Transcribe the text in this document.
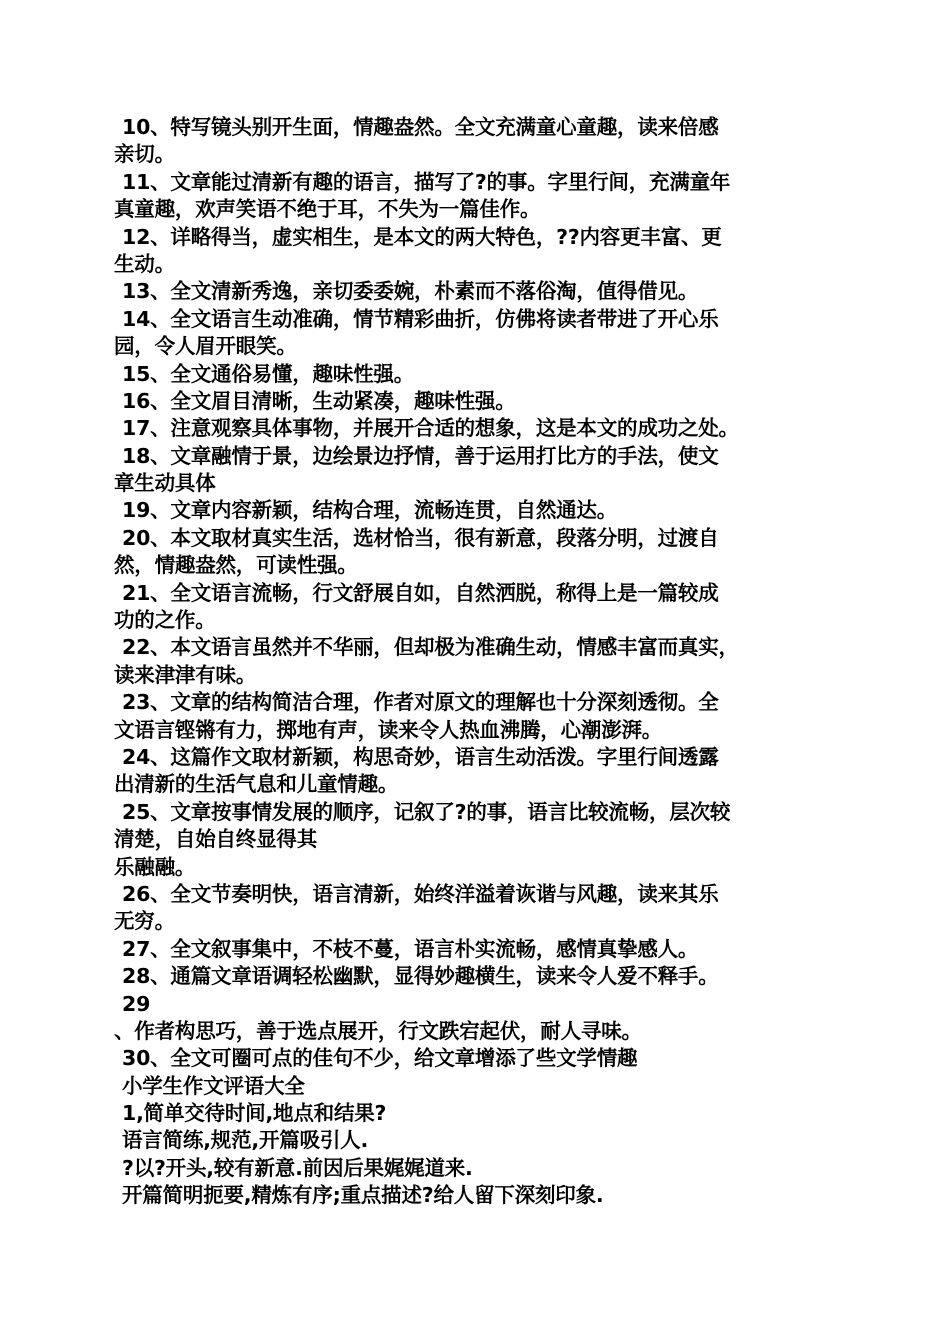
10、特写镜头别开生面，情趣盎然。全文充满童心童趣，读来倍感
亲切。
11、文章能过清新有趣的语言，描写了?的事。字里行间，充满童年
真童趣，欢声笑语不绝于耳，不失为一篇佳作。
12、详略得当，虚实相生，是本文的两大特色，??内容更丰富、更
生动。
13、全文清新秀逸，亲切委委婉，朴素而不落俗淘，值得借见。
14、全文语言生动准确，情节精彩曲折，仿佛将读者带进了开心乐
园，令人眉开眼笑。
15、全文通俗易懂，趣味性强。
16、全文眉目清晰，生动紧凑，趣味性强。
17、注意观察具体事物，并展开合适的想象，这是本文的成功之处。
18、文章融情于景，边绘景边抒情，善于运用打比方的手法，使文
章生动具体
19、文章内容新颖，结构合理，流畅连贯，自然通达。
20、本文取材真实生活，选材恰当，很有新意，段落分明，过渡自
然，情趣盎然，可读性强。
21、全文语言流畅，行文舒展自如，自然洒脱，称得上是一篇较成
功的之作。
22、本文语言虽然并不华丽，但却极为准确生动，情感丰富而真实，
读来津津有味。
23、文章的结构简洁合理，作者对原文的理解也十分深刻透彻。全
文语言铿锵有力，掷地有声，读来令人热血沸腾，心潮澎湃。
24、这篇作文取材新颖，构思奇妙，语言生动活泼。字里行间透露
出清新的生活气息和儿童情趣。
25、文章按事情发展的顺序，记叙了?的事，语言比较流畅，层次较
清楚，自始自终显得其
乐融融。
26、全文节奏明快，语言清新，始终洋溢着诙谐与风趣，读来其乐
无穷。
27、全文叙事集中，不枝不蔓，语言朴实流畅，感情真挚感人。
28、通篇文章语调轻松幽默，显得妙趣横生，读来令人爱不释手。
29
、作者构思巧，善于选点展开，行文跌宕起伏，耐人寻味。
30、全文可圈可点的佳句不少，给文章增添了些文学情趣
小学生作文评语大全
1,简单交待时间,地点和结果?
语言简练,规范,开篇吸引人.
?以?开头,较有新意.前因后果娓娓道来.
开篇简明扼要,精炼有序;重点描述?给人留下深刻印象.
